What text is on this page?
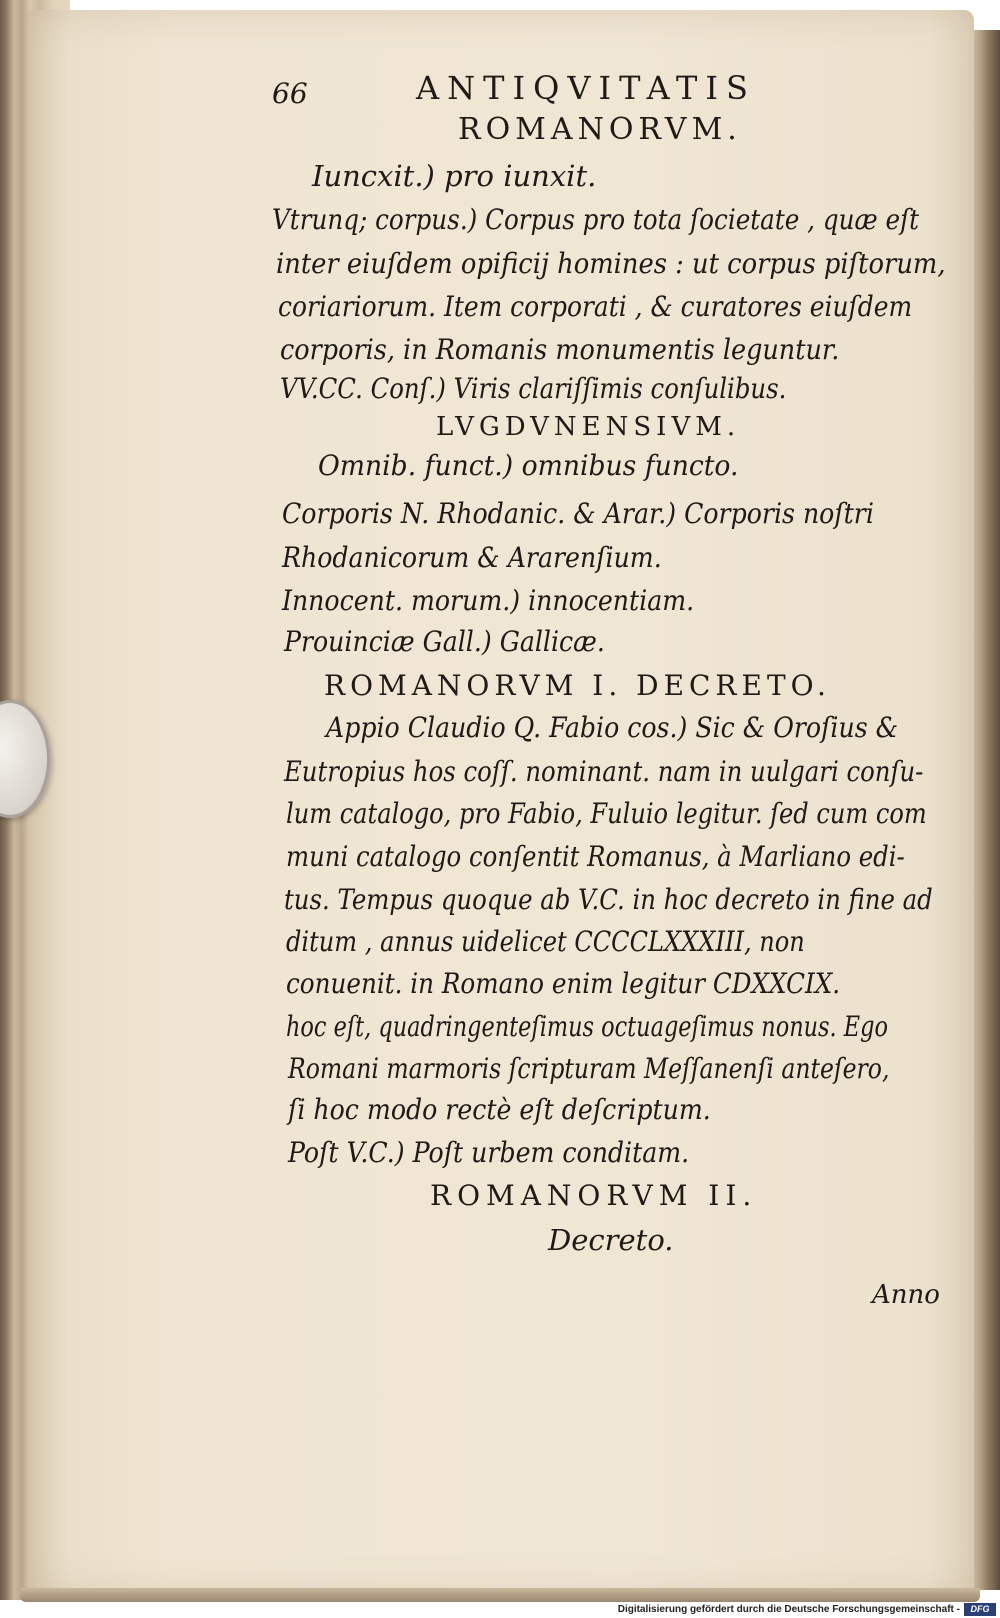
66	ANTIQVITATIS
ROMANORVM.
Iuncxit.) pro iunxit.
Vtrunq; corpus.) Corpus pro tota ſocietate , quæ eſt
inter eiuſdem opificij homines : ut corpus piſtorum,
coriariorum. Item corporati , & curatores eiuſdem
corporis, in Romanis monumentis leguntur.
VV.CC. Conſ.) Viris clariſſimis conſulibus.
LVGDVNENSIVM.
Omnib. funct.) omnibus functo.
Corporis N. Rhodanic. & Arar.) Corporis noſtri
Rhodanicorum & Ararenſium.
Innocent. morum.) innocentiam.
Prouinciæ Gall.) Gallicæ.
ROMANORVM I. DECRETO.
Appio Claudio Q. Fabio cos.) Sic & Oroſius &
Eutropius hos coſſ. nominant. nam in uulgari conſu-
lum catalogo, pro Fabio, Fuluio legitur. ſed cum com
muni catalogo conſentit Romanus, à Marliano edi-
tus. Tempus quoque ab V.C. in hoc decreto in fine ad
ditum , annus uidelicet CCCCLXXXIII, non
conuenit. in Romano enim legitur CDXXCIX.
hoc eſt, quadringenteſimus octuageſimus nonus. Ego
Romani marmoris ſcripturam Meſſanenſi anteſero,
ſi hoc modo rectè eſt deſcriptum.
Poſt V.C.) Poſt urbem conditam.
ROMANORVM II.
Decreto.
Anno
Digitalisierung gefördert durch die Deutsche Forschungsgemeinschaft -	DFG
